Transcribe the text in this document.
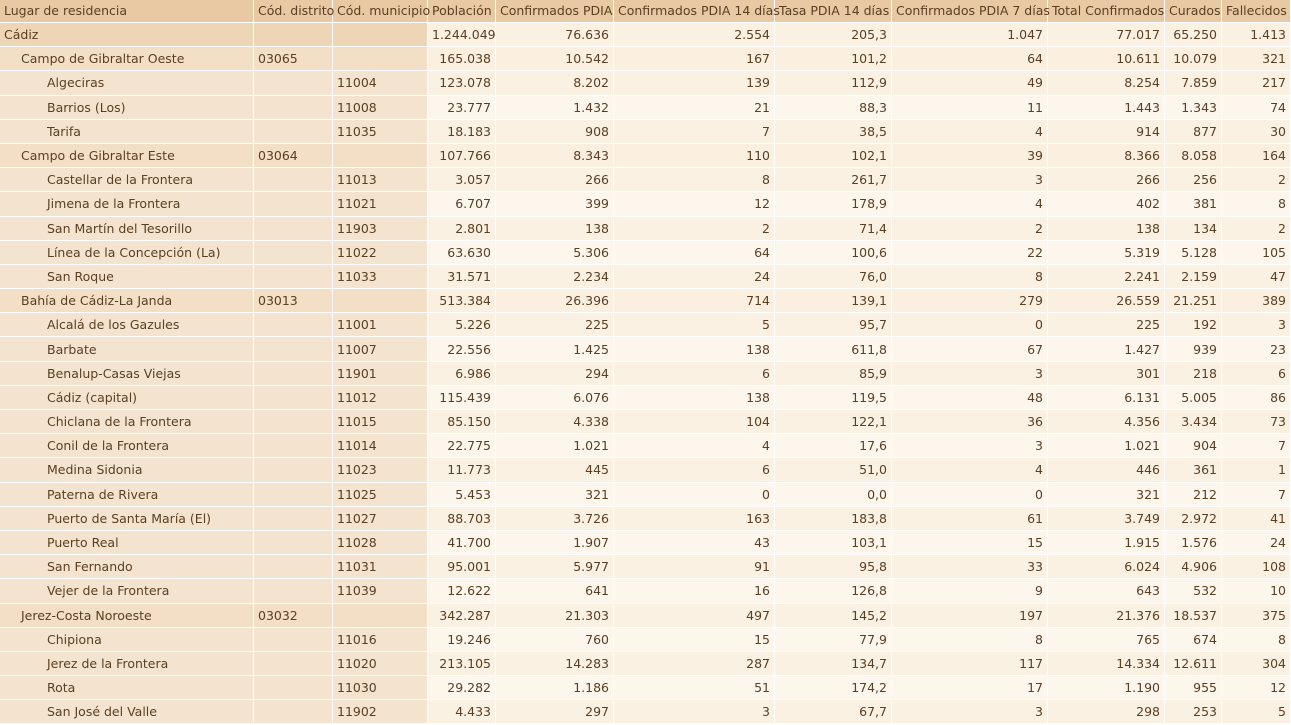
Lugar de residencia	Cód. distrito	Cód. municipio	Población	Confirmados PDIA	Confirmados PDIA 14 días	Tasa PDIA 14 días	Confirmados PDIA 7 días	Total Confirmados	Curados	Fallecidos
Cádiz			1.244.049	76.636	2.554	205,3	1.047	77.017	65.250	1.413
Campo de Gibraltar Oeste	03065		165.038	10.542	167	101,2	64	10.611	10.079	321
Algeciras		11004	123.078	8.202	139	112,9	49	8.254	7.859	217
Barrios (Los)		11008	23.777	1.432	21	88,3	11	1.443	1.343	74
Tarifa		11035	18.183	908	7	38,5	4	914	877	30
Campo de Gibraltar Este	03064		107.766	8.343	110	102,1	39	8.366	8.058	164
Castellar de la Frontera		11013	3.057	266	8	261,7	3	266	256	2
Jimena de la Frontera		11021	6.707	399	12	178,9	4	402	381	8
San Martín del Tesorillo		11903	2.801	138	2	71,4	2	138	134	2
Línea de la Concepción (La)		11022	63.630	5.306	64	100,6	22	5.319	5.128	105
San Roque		11033	31.571	2.234	24	76,0	8	2.241	2.159	47
Bahía de Cádiz-La Janda	03013		513.384	26.396	714	139,1	279	26.559	21.251	389
Alcalá de los Gazules		11001	5.226	225	5	95,7	0	225	192	3
Barbate		11007	22.556	1.425	138	611,8	67	1.427	939	23
Benalup-Casas Viejas		11901	6.986	294	6	85,9	3	301	218	6
Cádiz (capital)		11012	115.439	6.076	138	119,5	48	6.131	5.005	86
Chiclana de la Frontera		11015	85.150	4.338	104	122,1	36	4.356	3.434	73
Conil de la Frontera		11014	22.775	1.021	4	17,6	3	1.021	904	7
Medina Sidonia		11023	11.773	445	6	51,0	4	446	361	1
Paterna de Rivera		11025	5.453	321	0	0,0	0	321	212	7
Puerto de Santa María (El)		11027	88.703	3.726	163	183,8	61	3.749	2.972	41
Puerto Real		11028	41.700	1.907	43	103,1	15	1.915	1.576	24
San Fernando		11031	95.001	5.977	91	95,8	33	6.024	4.906	108
Vejer de la Frontera		11039	12.622	641	16	126,8	9	643	532	10
Jerez-Costa Noroeste	03032		342.287	21.303	497	145,2	197	21.376	18.537	375
Chipiona		11016	19.246	760	15	77,9	8	765	674	8
Jerez de la Frontera		11020	213.105	14.283	287	134,7	117	14.334	12.611	304
Rota		11030	29.282	1.186	51	174,2	17	1.190	955	12
San José del Valle		11902	4.433	297	3	67,7	3	298	253	5
